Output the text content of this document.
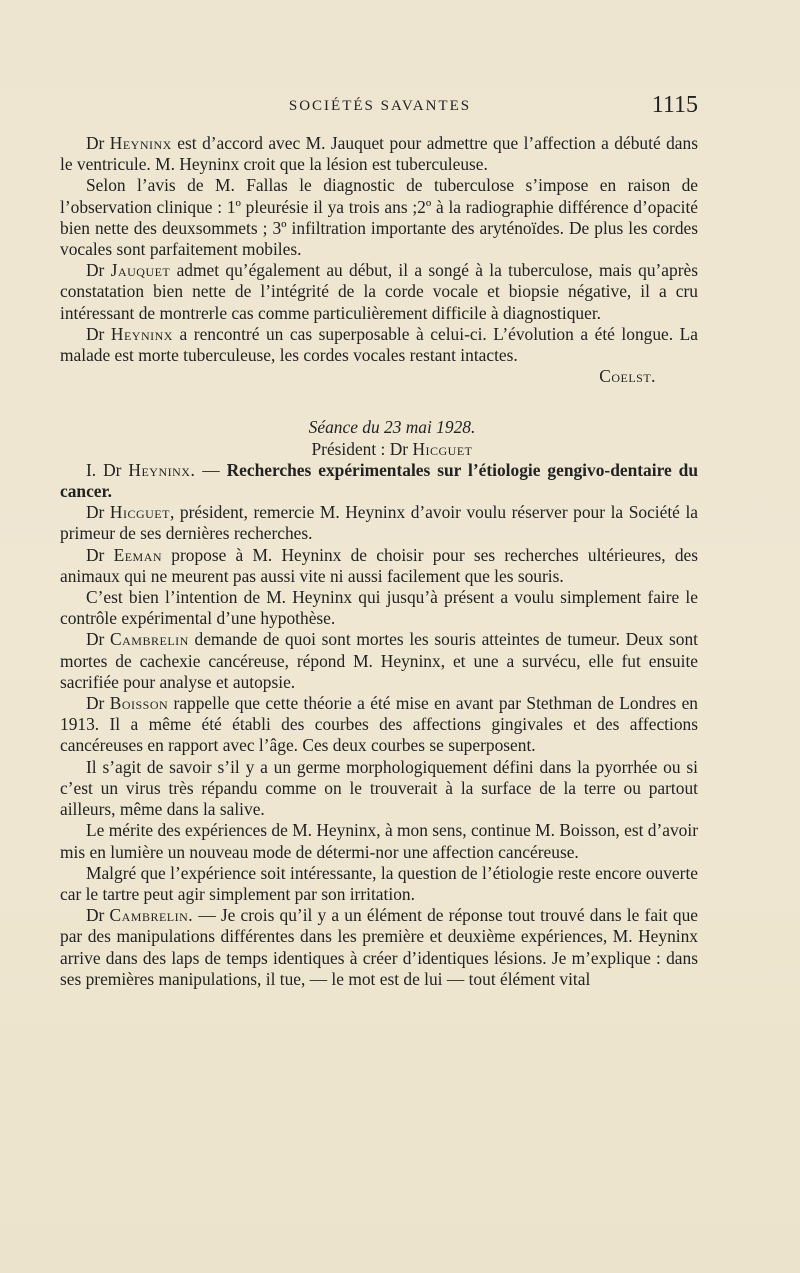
SOCIÉTÉS SAVANTES	1115

Dr Heyninx est d’accord avec M. Jauquet pour admettre que l’affection a débuté dans le ventricule. M. Heyninx croit que la lésion est tuberculeuse.

Selon l’avis de M. Fallas le diagnostic de tuberculose s’impose en raison de l’observation clinique : 1º pleurésie il ya trois ans ;2º à la radiographie différence d’opacité bien nette des deuxsommets ; 3º infiltration importante des aryténoïdes. De plus les cordes vocales sont parfaitement mobiles.

Dr Jauquet admet qu’également au début, il a songé à la tuberculose, mais qu’après constatation bien nette de l’intégrité de la corde vocale et biopsie négative, il a cru intéressant de montrerle cas comme particulièrement difficile à diagnostiquer.

Dr Heyninx a rencontré un cas superposable à celui-ci. L’évolution a été longue. La malade est morte tuberculeuse, les cordes vocales restant intactes.

Coelst.

Séance du 23 mai 1928.

Président : Dr Hicguet

I. Dr Heyninx. — Recherches expérimentales sur l’étiologie gengivo-dentaire du cancer.

Dr Hicguet, président, remercie M. Heyninx d’avoir voulu réserver pour la Société la primeur de ses dernières recherches.

Dr Eeman propose à M. Heyninx de choisir pour ses recherches ultérieures, des animaux qui ne meurent pas aussi vite ni aussi facilement que les souris.

C’est bien l’intention de M. Heyninx qui jusqu’à présent a voulu simplement faire le contrôle expérimental d’une hypothèse.

Dr Cambrelin demande de quoi sont mortes les souris atteintes de tumeur. Deux sont mortes de cachexie cancéreuse, répond M. Heyninx, et une a survécu, elle fut ensuite sacrifiée pour analyse et autopsie.

Dr Boisson rappelle que cette théorie a été mise en avant par Stethman de Londres en 1913. Il a même été établi des courbes des affections gingivales et des affections cancéreuses en rapport avec l’âge. Ces deux courbes se superposent.

Il s’agit de savoir s’il y a un germe morphologiquement défini dans la pyorrhée ou si c’est un virus très répandu comme on le trouverait à la surface de la terre ou partout ailleurs, même dans la salive.

Le mérite des expériences de M. Heyninx, à mon sens, continue M. Boisson, est d’avoir mis en lumière un nouveau mode de détermi-nor une affection cancéreuse.

Malgré que l’expérience soit intéressante, la question de l’étiologie reste encore ouverte car le tartre peut agir simplement par son irritation.

Dr Cambrelin. — Je crois qu’il y a un élément de réponse tout trouvé dans le fait que par des manipulations différentes dans les première et deuxième expériences, M. Heyninx arrive dans des laps de temps identiques à créer d’identiques lésions. Je m’explique : dans ses premières manipulations, il tue, — le mot est de lui — tout élément vital
